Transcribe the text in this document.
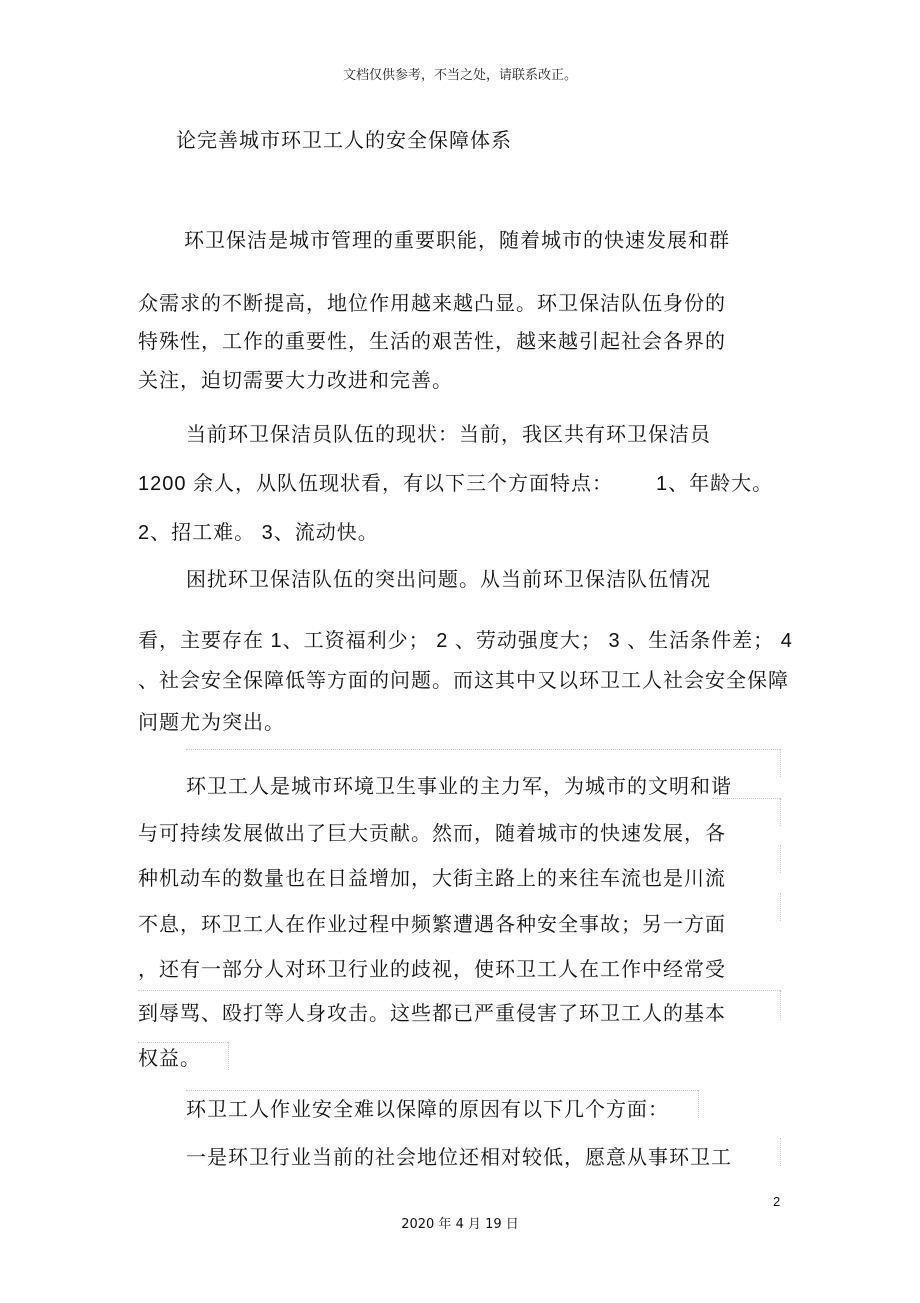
文档仅供参考，不当之处，请联系改正。
论完善城市环卫工人的安全保障体系
环卫保洁是城市管理的重要职能，随着城市的快速发展和群
众需求的不断提高，地位作用越来越凸显。环卫保洁队伍身份的
特殊性，工作的重要性，生活的艰苦性，越来越引起社会各界的
关注，迫切需要大力改进和完善。
当前环卫保洁员队伍的现状：当前，我区共有环卫保洁员
1200 余人，从队伍现状看，有以下三个方面特点： 1、年龄大。
2、招工难。 3、流动快。
困扰环卫保洁队伍的突出问题。从当前环卫保洁队伍情况
看，主要存在 1、工资福利少； 2 、劳动强度大； 3 、生活条件差； 4
、社会安全保障低等方面的问题。而这其中又以环卫工人社会安全保障
问题尤为突出。
环卫工人是城市环境卫生事业的主力军，为城市的文明和谐
与可持续发展做出了巨大贡献。然而，随着城市的快速发展，各
种机动车的数量也在日益增加，大街主路上的来往车流也是川流
不息，环卫工人在作业过程中频繁遭遇各种安全事故；另一方面
，还有一部分人对环卫行业的歧视，使环卫工人在工作中经常受
到辱骂、殴打等人身攻击。这些都已严重侵害了环卫工人的基本
权益。
环卫工人作业安全难以保障的原因有以下几个方面：
一是环卫行业当前的社会地位还相对较低，愿意从事环卫工
2
2020 年 4 月 19 日
